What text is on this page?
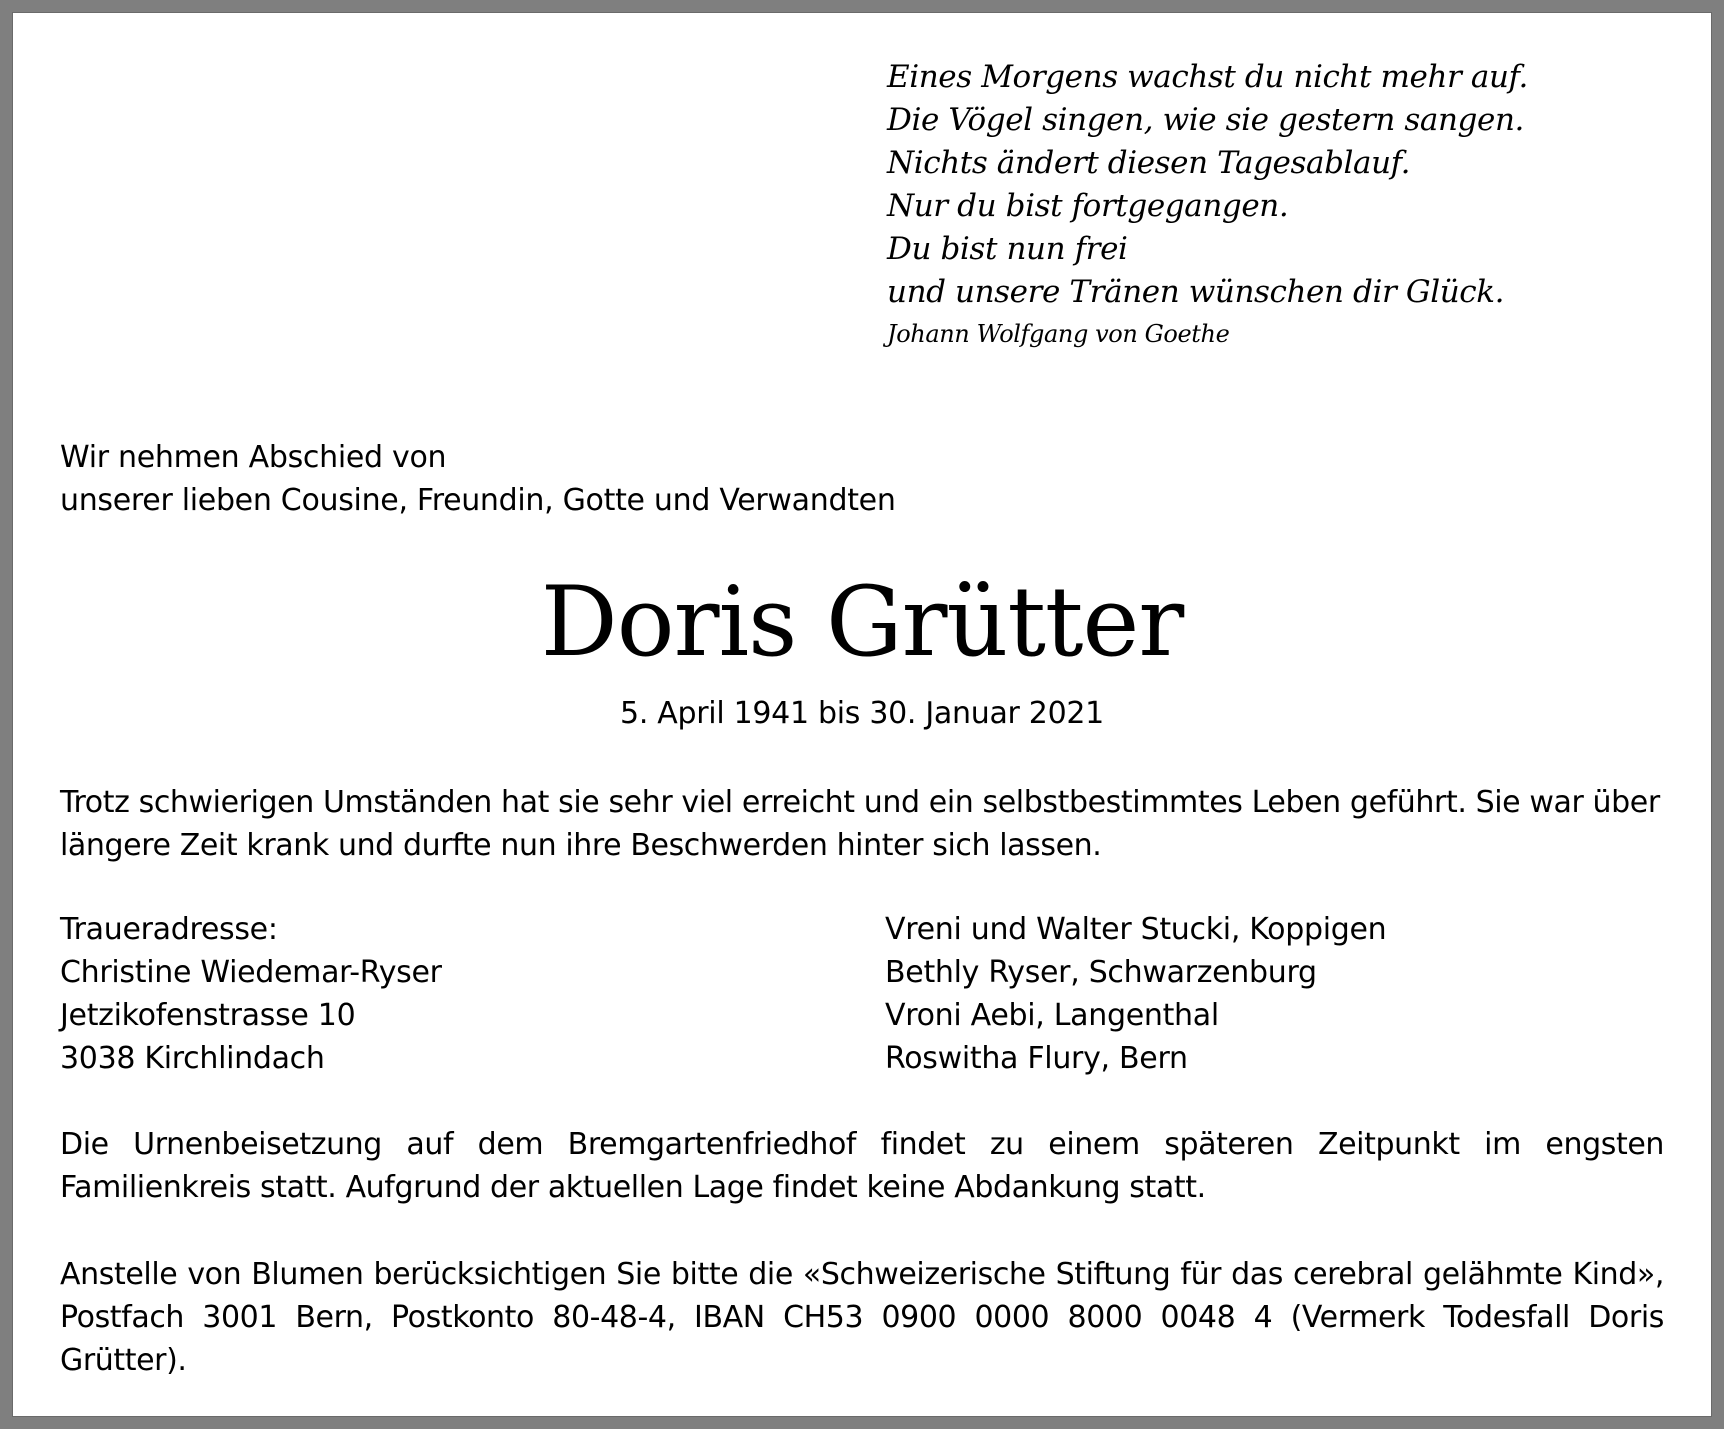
Eines Morgens wachst du nicht mehr auf.
Die Vögel singen, wie sie gestern sangen.
Nichts ändert diesen Tagesablauf.
Nur du bist fortgegangen.
Du bist nun frei
und unsere Tränen wünschen dir Glück.
Johann Wolfgang von Goethe
Wir nehmen Abschied von
unserer lieben Cousine, Freundin, Gotte und Verwandten
Doris Grütter
5. April 1941 bis 30. Januar 2021
Trotz schwierigen Umständen hat sie sehr viel erreicht und ein selbstbestimmtes Leben geführt. Sie war über längere Zeit krank und durfte nun ihre Beschwerden hinter sich lassen.
Traueradresse:
Christine Wiedemar-Ryser
Jetzikofenstrasse 10
3038 Kirchlindach
Vreni und Walter Stucki, Koppigen
Bethly Ryser, Schwarzenburg
Vroni Aebi, Langenthal
Roswitha Flury, Bern
Die Urnenbeisetzung auf dem Bremgartenfriedhof findet zu einem späteren Zeitpunkt im engsten Familienkreis statt. Aufgrund der aktuellen Lage findet keine Abdankung statt.
Anstelle von Blumen berücksichtigen Sie bitte die «Schweizerische Stiftung für das cerebral gelähmte Kind», Postfach 3001 Bern, Postkonto 80-48-4, IBAN CH53 0900 0000 8000 0048 4 (Vermerk Todesfall Doris Grütter).
